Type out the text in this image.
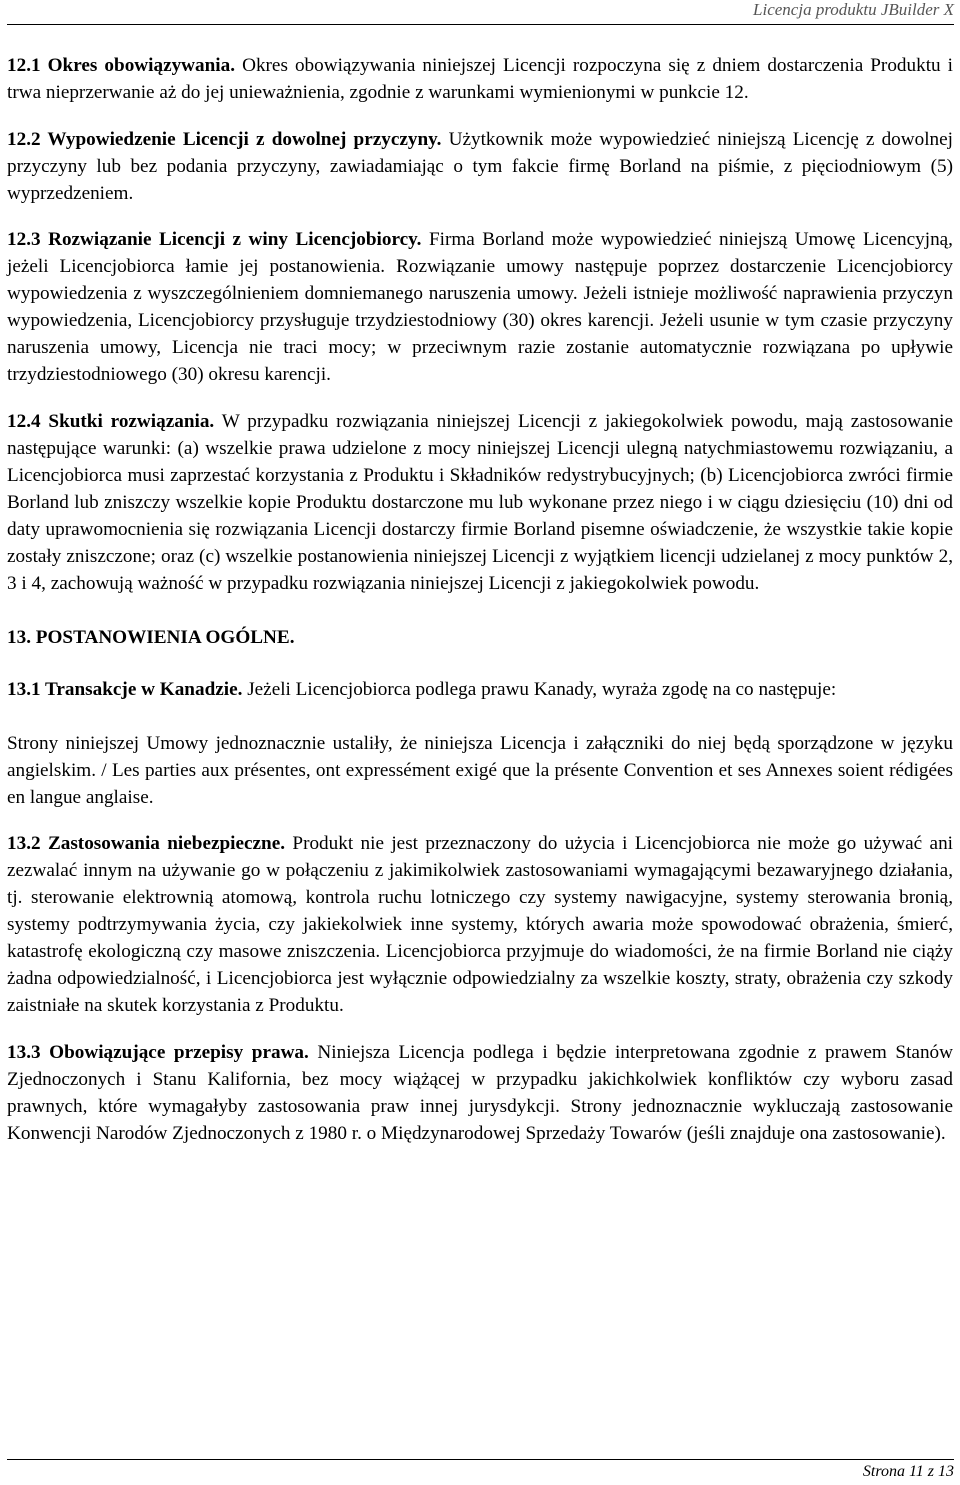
Licencja produktu JBuilder X

12.1 Okres obowiązywania. Okres obowiązywania niniejszej Licencji rozpoczyna się z dniem dostarczenia Produktu i trwa nieprzerwanie aż do jej unieważnienia, zgodnie z warunkami wymienionymi w punkcie 12.

12.2 Wypowiedzenie Licencji z dowolnej przyczyny. Użytkownik może wypowiedzieć niniejszą Licencję z dowolnej przyczyny lub bez podania przyczyny, zawiadamiając o tym fakcie firmę Borland na piśmie, z pięciodniowym (5) wyprzedzeniem.

12.3 Rozwiązanie Licencji z winy Licencjobiorcy. Firma Borland może wypowiedzieć niniejszą Umowę Licencyjną, jeżeli Licencjobiorca łamie jej postanowienia. Rozwiązanie umowy następuje poprzez dostarczenie Licencjobiorcy wypowiedzenia z wyszczególnieniem domniemanego naruszenia umowy. Jeżeli istnieje możliwość naprawienia przyczyn wypowiedzenia, Licencjobiorcy przysługuje trzydziestodniowy (30) okres karencji. Jeżeli usunie w tym czasie przyczyny naruszenia umowy, Licencja nie traci mocy; w przeciwnym razie zostanie automatycznie rozwiązana po upływie trzydziestodniowego (30) okresu karencji.

12.4 Skutki rozwiązania. W przypadku rozwiązania niniejszej Licencji z jakiegokolwiek powodu, mają zastosowanie następujące warunki: (a) wszelkie prawa udzielone z mocy niniejszej Licencji ulegną natychmiastowemu rozwiązaniu, a Licencjobiorca musi zaprzestać korzystania z Produktu i Składników redystrybucyjnych; (b) Licencjobiorca zwróci firmie Borland lub zniszczy wszelkie kopie Produktu dostarczone mu lub wykonane przez niego i w ciągu dziesięciu (10) dni od daty uprawomocnienia się rozwiązania Licencji dostarczy firmie Borland pisemne oświadczenie, że wszystkie takie kopie zostały zniszczone; oraz (c) wszelkie postanowienia niniejszej Licencji z wyjątkiem licencji udzielanej z mocy punktów 2, 3 i 4, zachowują ważność w przypadku rozwiązania niniejszej Licencji z jakiegokolwiek powodu.

13. POSTANOWIENIA OGÓLNE.

13.1 Transakcje w Kanadzie. Jeżeli Licencjobiorca podlega prawu Kanady, wyraża zgodę na co następuje:

Strony niniejszej Umowy jednoznacznie ustaliły, że niniejsza Licencja i załączniki do niej będą sporządzone w języku angielskim. / Les parties aux présentes, ont expressément exigé que la présente Convention et ses Annexes soient rédigées en langue anglaise.

13.2 Zastosowania niebezpieczne. Produkt nie jest przeznaczony do użycia i Licencjobiorca nie może go używać ani zezwalać innym na używanie go w połączeniu z jakimikolwiek zastosowaniami wymagającymi bezawaryjnego działania, tj. sterowanie elektrownią atomową, kontrola ruchu lotniczego czy systemy nawigacyjne, systemy sterowania bronią, systemy podtrzymywania życia, czy jakiekolwiek inne systemy, których awaria może spowodować obrażenia, śmierć, katastrofę ekologiczną czy masowe zniszczenia. Licencjobiorca przyjmuje do wiadomości, że na firmie Borland nie ciąży żadna odpowiedzialność, i Licencjobiorca jest wyłącznie odpowiedzialny za wszelkie koszty, straty, obrażenia czy szkody zaistniałe na skutek korzystania z Produktu.

13.3 Obowiązujące przepisy prawa. Niniejsza Licencja podlega i będzie interpretowana zgodnie z prawem Stanów Zjednoczonych i Stanu Kalifornia, bez mocy wiążącej w przypadku jakichkolwiek konfliktów czy wyboru zasad prawnych, które wymagałyby zastosowania praw innej jurysdykcji. Strony jednoznacznie wykluczają zastosowanie Konwencji Narodów Zjednoczonych z 1980 r. o Międzynarodowej Sprzedaży Towarów (jeśli znajduje ona zastosowanie).

Strona 11 z 13
